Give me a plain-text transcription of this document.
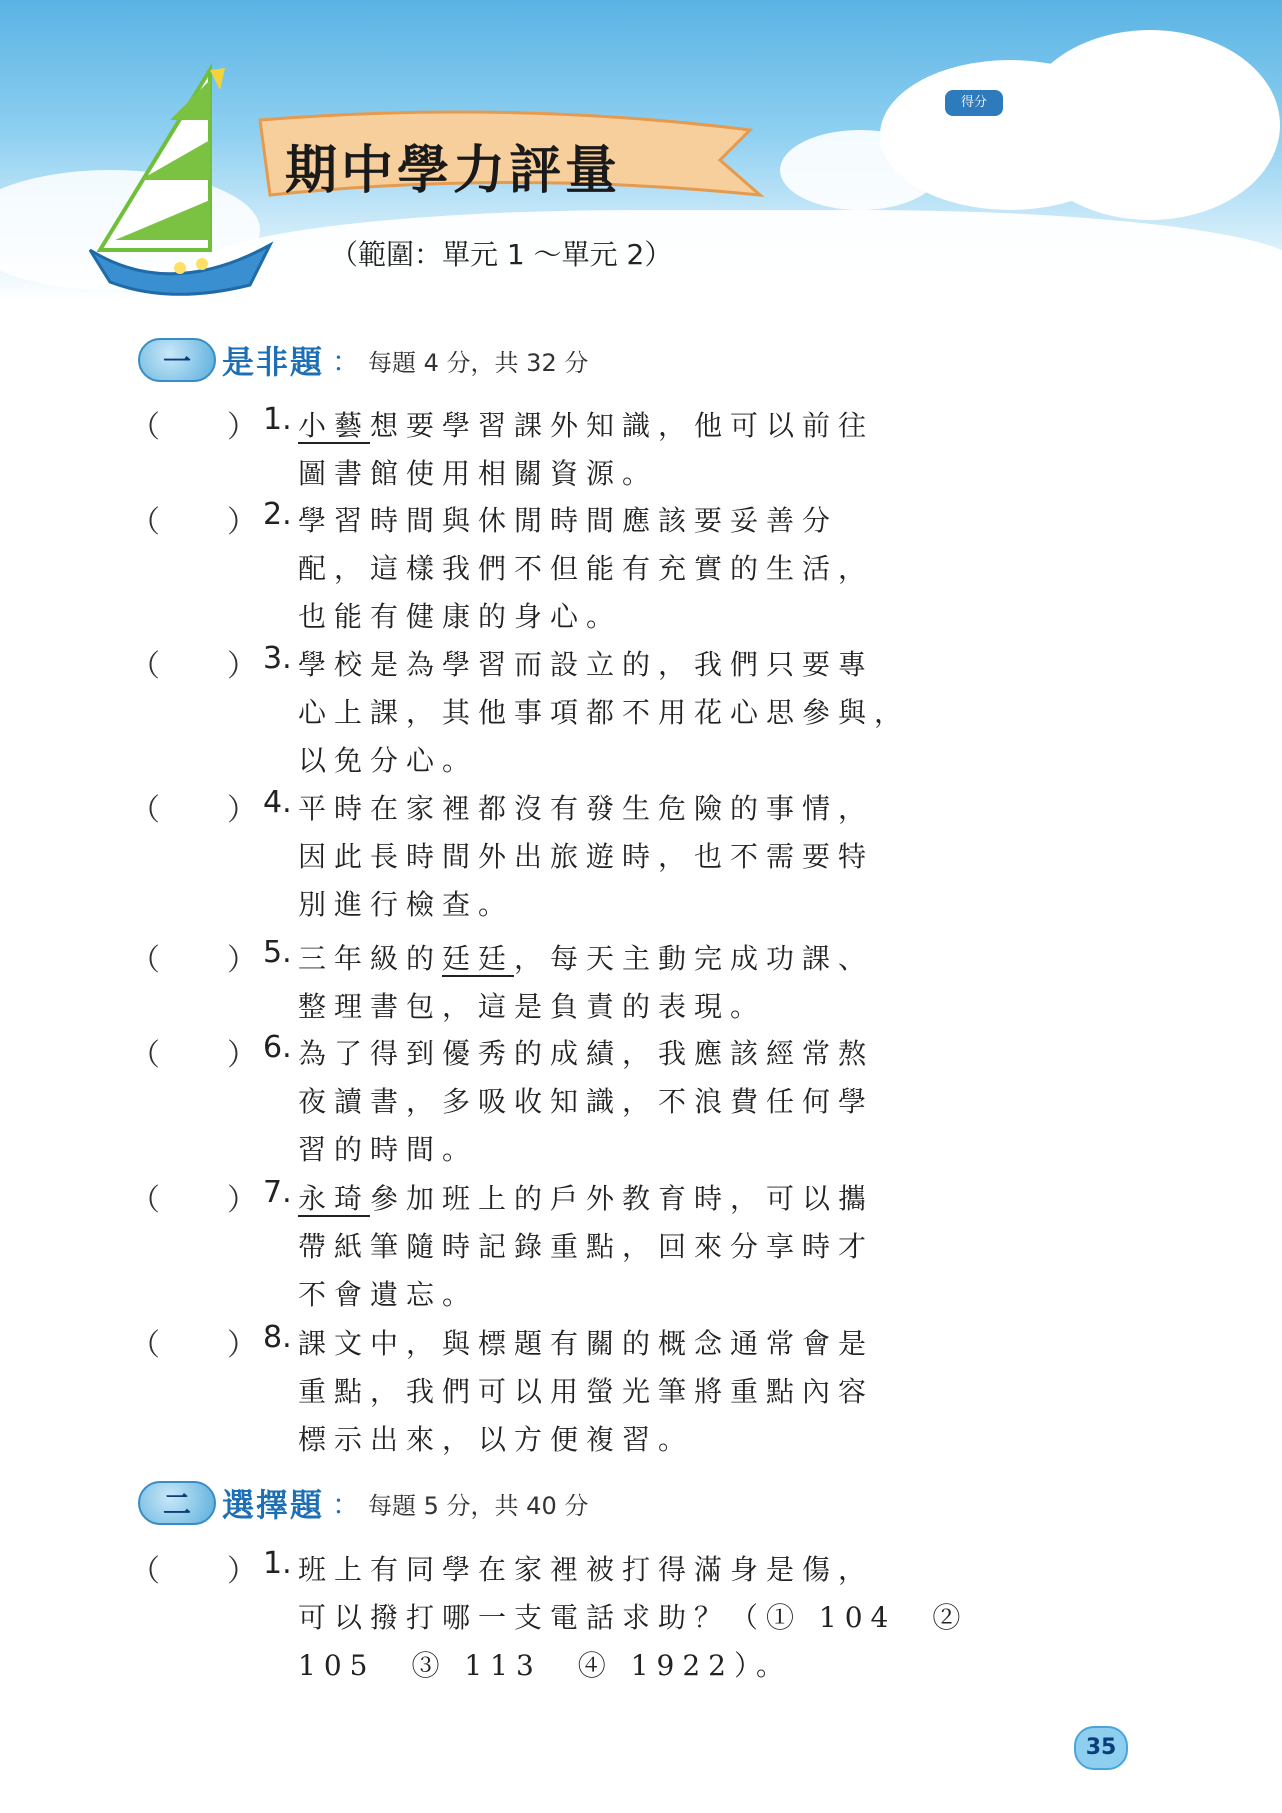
期中學力評量
得分
（範圍：單元 1 ～單元 2）
一 是非題 ： 每題 4 分，共 32 分
（ ） 1. 小藝想要學習課外知識，他可以前往
圖書館使用相關資源。
（ ） 2. 學習時間與休閒時間應該要妥善分
配，這樣我們不但能有充實的生活，
也能有健康的身心。
（ ） 3. 學校是為學習而設立的，我們只要專
心上課，其他事項都不用花心思參與，
以免分心。
（ ） 4. 平時在家裡都沒有發生危險的事情，
因此長時間外出旅遊時，也不需要特
別進行檢查。
（ ） 5. 三年級的廷廷，每天主動完成功課、
整理書包，這是負責的表現。
（ ） 6. 為了得到優秀的成績，我應該經常熬
夜讀書，多吸收知識，不浪費任何學
習的時間。
（ ） 7. 永琦參加班上的戶外教育時，可以攜
帶紙筆隨時記錄重點，回來分享時才
不會遺忘。
（ ） 8. 課文中，與標題有關的概念通常會是
重點，我們可以用螢光筆將重點內容
標示出來，以方便複習。
二 選擇題 ： 每題 5 分，共 40 分
（ ） 1. 班上有同學在家裡被打得滿身是傷，
可以撥打哪一支電話求助？（① 104　②
105　③ 113　④ 1922）。
35
